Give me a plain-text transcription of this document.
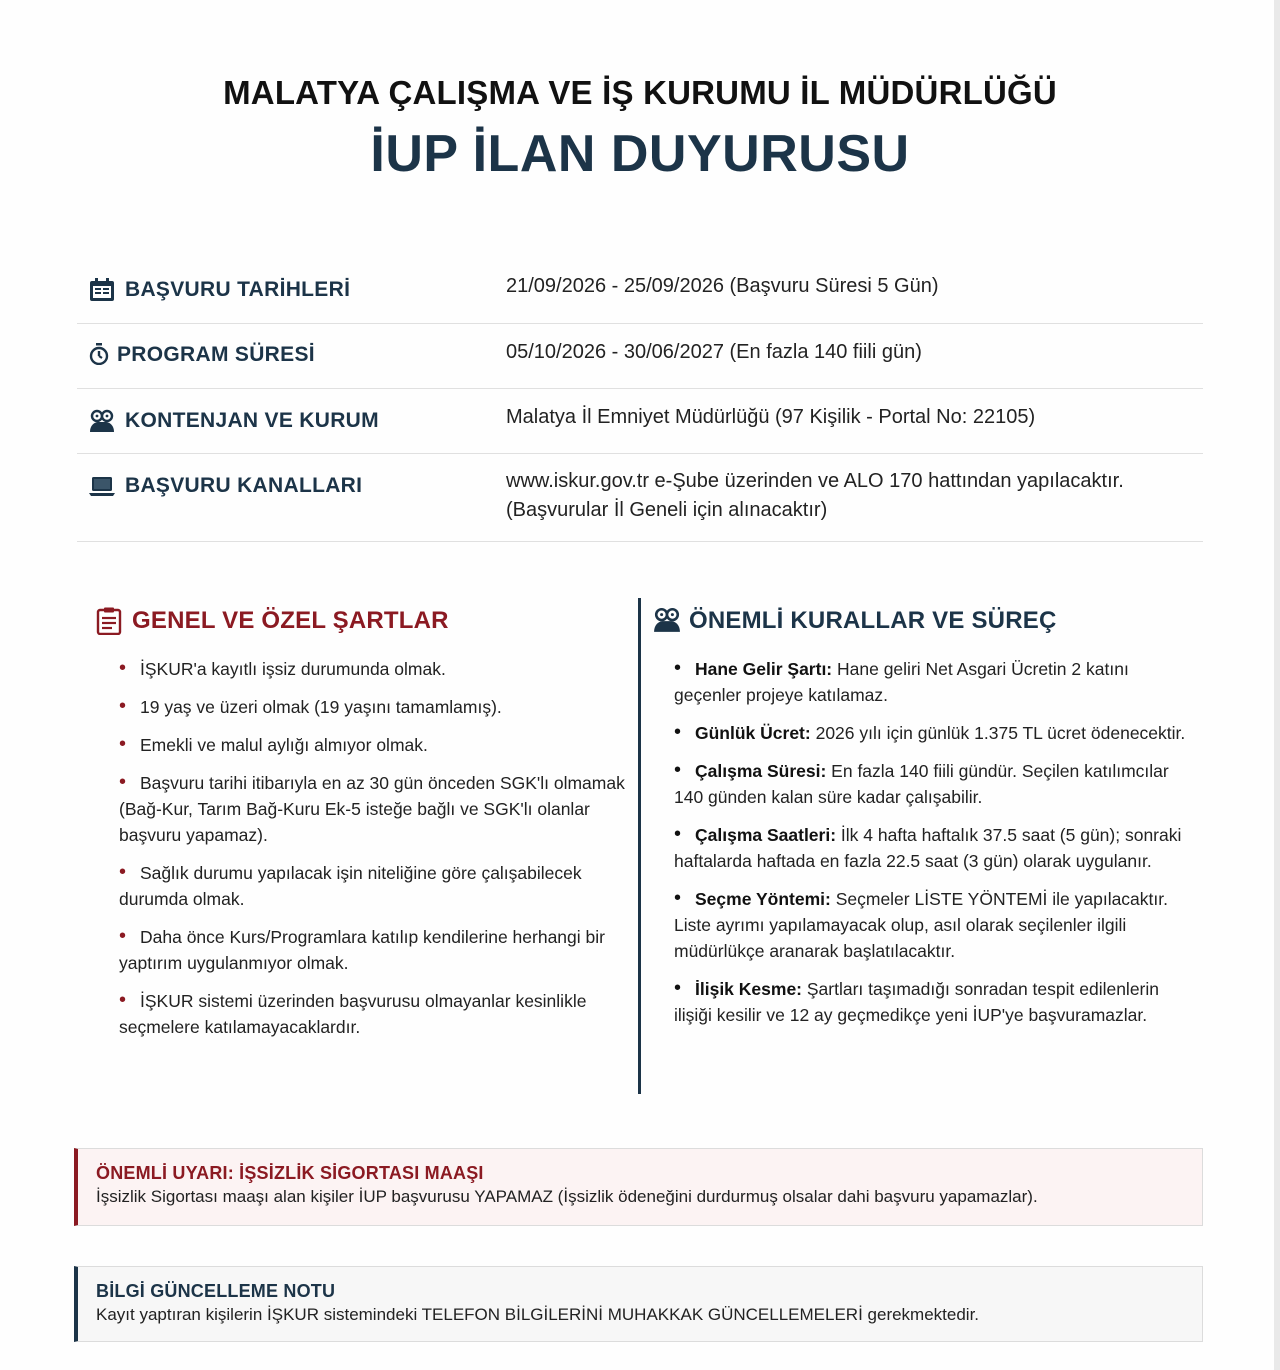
MALATYA ÇALIŞMA VE İŞ KURUMU İL MÜDÜRLÜĞÜ
İUP İLAN DUYURUSU
BAŞVURU TARİHLERİ	21/09/2026 - 25/09/2026 (Başvuru Süresi 5 Gün)
PROGRAM SÜRESİ	05/10/2026 - 30/06/2027 (En fazla 140 fiili gün)
KONTENJAN VE KURUM	Malatya İl Emniyet Müdürlüğü (97 Kişilik - Portal No: 22105)
BAŞVURU KANALLARI	www.iskur.gov.tr e-Şube üzerinden ve ALO 170 hattından yapılacaktır.
(Başvurular İl Geneli için alınacaktır)
GENEL VE ÖZEL ŞARTLAR
• İŞKUR'a kayıtlı işsiz durumunda olmak.
• 19 yaş ve üzeri olmak (19 yaşını tamamlamış).
• Emekli ve malul aylığı almıyor olmak.
• Başvuru tarihi itibarıyla en az 30 gün önceden SGK'lı olmamak (Bağ-Kur, Tarım Bağ-Kuru Ek-5 isteğe bağlı ve SGK'lı olanlar başvuru yapamaz).
• Sağlık durumu yapılacak işin niteliğine göre çalışabilecek durumda olmak.
• Daha önce Kurs/Programlara katılıp kendilerine herhangi bir yaptırım uygulanmıyor olmak.
• İŞKUR sistemi üzerinden başvurusu olmayanlar kesinlikle seçmelere katılamayacaklardır.
ÖNEMLİ KURALLAR VE SÜREÇ
• Hane Gelir Şartı: Hane geliri Net Asgari Ücretin 2 katını geçenler projeye katılamaz.
• Günlük Ücret: 2026 yılı için günlük 1.375 TL ücret ödenecektir.
• Çalışma Süresi: En fazla 140 fiili gündür. Seçilen katılımcılar 140 günden kalan süre kadar çalışabilir.
• Çalışma Saatleri: İlk 4 hafta haftalık 37.5 saat (5 gün); sonraki haftalarda haftada en fazla 22.5 saat (3 gün) olarak uygulanır.
• Seçme Yöntemi: Seçmeler LİSTE YÖNTEMİ ile yapılacaktır. Liste ayrımı yapılamayacak olup, asıl olarak seçilenler ilgili müdürlükçe aranarak başlatılacaktır.
• İlişik Kesme: Şartları taşımadığı sonradan tespit edilenlerin ilişiği kesilir ve 12 ay geçmedikçe yeni İUP'ye başvuramazlar.
ÖNEMLİ UYARI: İŞSİZLİK SİGORTASI MAAŞI
İşsizlik Sigortası maaşı alan kişiler İUP başvurusu YAPAMAZ (İşsizlik ödeneğini durdurmuş olsalar dahi başvuru yapamazlar).
BİLGİ GÜNCELLEME NOTU
Kayıt yaptıran kişilerin İŞKUR sistemindeki TELEFON BİLGİLERİNİ MUHAKKAK GÜNCELLEMELERİ gerekmektedir.
